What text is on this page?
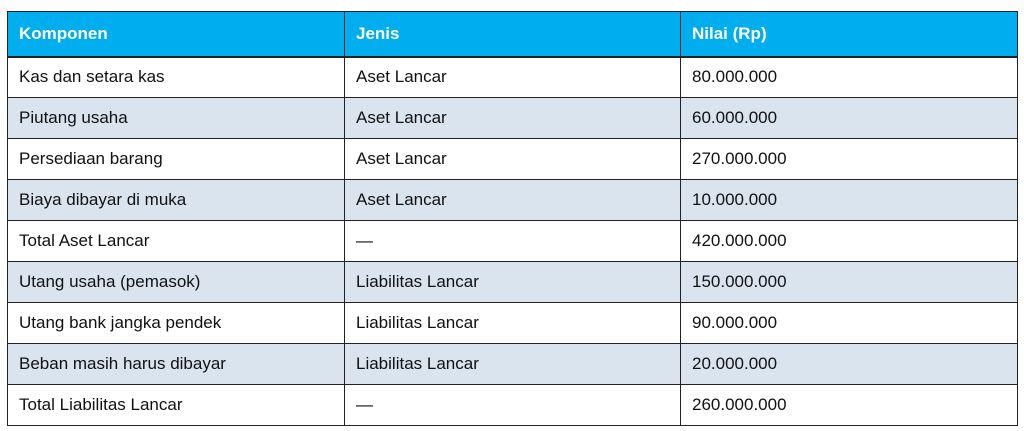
Komponen	Jenis	Nilai (Rp)
Kas dan setara kas	Aset Lancar	80.000.000
Piutang usaha	Aset Lancar	60.000.000
Persediaan barang	Aset Lancar	270.000.000
Biaya dibayar di muka	Aset Lancar	10.000.000
Total Aset Lancar	—	420.000.000
Utang usaha (pemasok)	Liabilitas Lancar	150.000.000
Utang bank jangka pendek	Liabilitas Lancar	90.000.000
Beban masih harus dibayar	Liabilitas Lancar	20.000.000
Total Liabilitas Lancar	—	260.000.000
